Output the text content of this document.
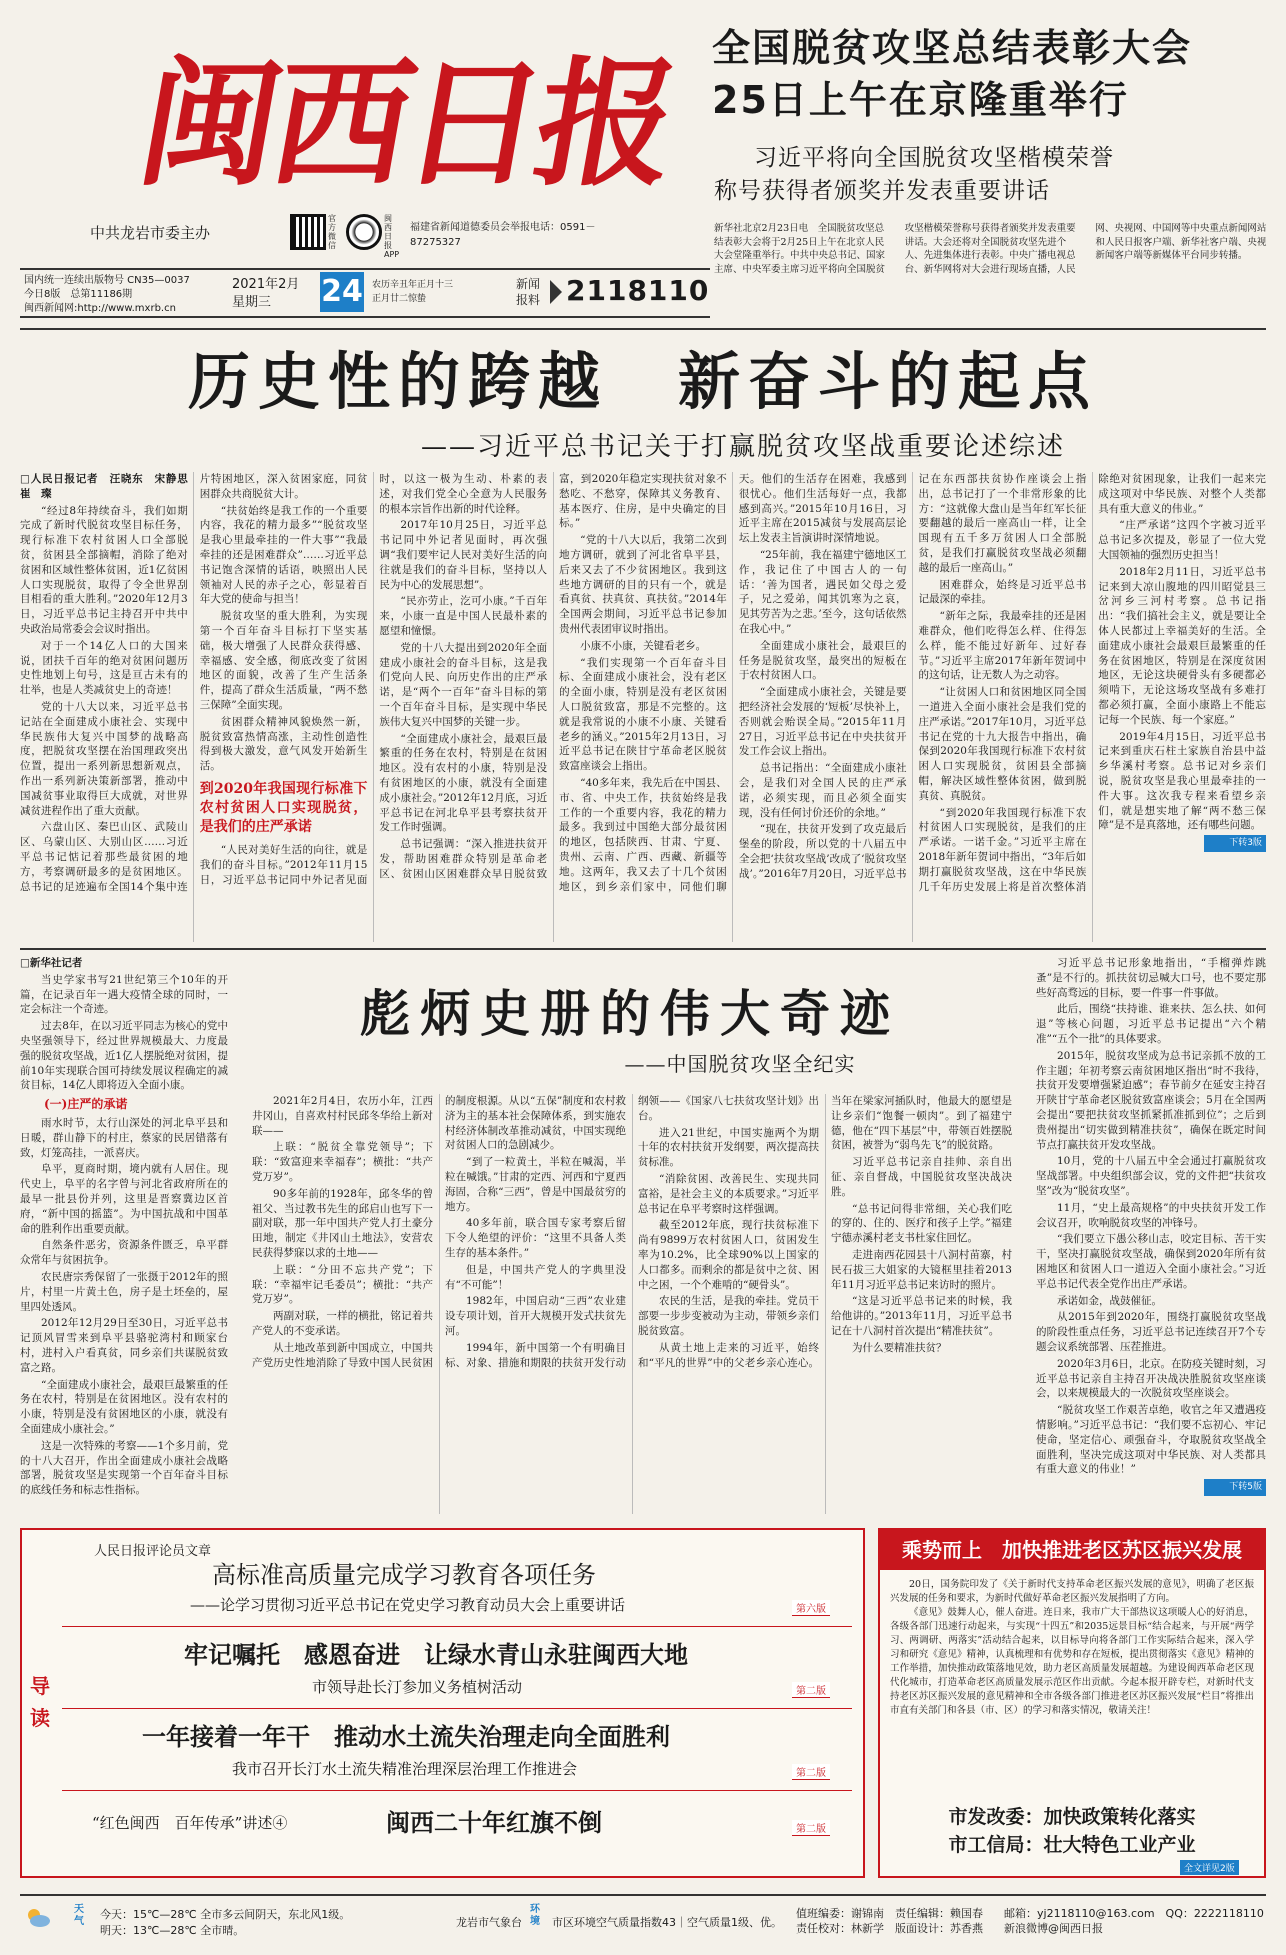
闽西日报
中共龙岩市委主办
官方微信
闽西日报APP
福建省新闻道德委员会举报电话：0591－87275327
国内统一连续出版物号 CN35—0037
今日8版　总第11186期
闽西新闻网:http://www.mxrb.cn
2021年2月
星期三	24 农历辛丑年正月十三
正月廿二惊蛰
新闻
报料 2118110
全国脱贫攻坚总结表彰大会
25日上午在京隆重举行
习近平将向全国脱贫攻坚楷模荣誉
称号获得者颁奖并发表重要讲话
新华社北京2月23日电　全国脱贫攻坚总结表彰大会将于2月25日上午在北京人民大会堂隆重举行。中共中央总书记、国家主席、中央军委主席习近平将向全国脱贫攻坚楷模荣誉称号获得者颁奖并发表重要讲话。大会还将对全国脱贫攻坚先进个人、先进集体进行表彰。中央广播电视总台、新华网将对大会进行现场直播，人民网、央视网、中国网等中央重点新闻网站和人民日报客户端、新华社客户端、央视新闻客户端等新媒体平台同步转播。
历史性的跨越　新奋斗的起点
——习近平总书记关于打赢脱贫攻坚战重要论述综述

□人民日报记者　汪晓东　宋静思　崔　璨

“经过8年持续奋斗，我们如期完成了新时代脱贫攻坚目标任务，现行标准下农村贫困人口全部脱贫，贫困县全部摘帽，消除了绝对贫困和区域性整体贫困，近1亿贫困人口实现脱贫，取得了令全世界刮目相看的重大胜利。”2020年12月3日，习近平总书记主持召开中共中央政治局常委会会议时指出。

对于一个14亿人口的大国来说，团扶千百年的绝对贫困问题历史性地划上句号，这是亘古未有的壮举，也是人类减贫史上的奇迹！

党的十八大以来，习近平总书记站在全面建成小康社会、实现中华民族伟大复兴中国梦的战略高度，把脱贫攻坚摆在治国理政突出位置，提出一系列新思想新观点，作出一系列新决策新部署，推动中国减贫事业取得巨大成就，对世界减贫进程作出了重大贡献。

六盘山区、秦巴山区、武陵山区、乌蒙山区、大别山区……习近平总书记惦记着那些最贫困的地方，考察调研最多的是贫困地区。总书记的足迹遍布全国14个集中连片特困地区，深入贫困家庭，同贫困群众共商脱贫大计。

“扶贫始终是我工作的一个重要内容，我花的精力最多”“脱贫攻坚是我心里最牵挂的一件大事”“我最牵挂的还是困难群众”……习近平总书记饱含深情的话语，映照出人民领袖对人民的赤子之心，彰显着百年大党的使命与担当！

脱贫攻坚的重大胜利，为实现第一个百年奋斗目标打下坚实基础，极大增强了人民群众获得感、幸福感、安全感，彻底改变了贫困地区的面貌，改善了生产生活条件，提高了群众生活质量，“两不愁三保障”全面实现。

贫困群众精神风貌焕然一新，脱贫致富热情高涨，主动性创造性得到极大激发，意气风发开始新生活。

到2020年我国现行标准下农村贫困人口实现脱贫，是我们的庄严承诺

“人民对美好生活的向往，就是我们的奋斗目标。”2012年11月15日，习近平总书记同中外记者见面时，以这一极为生动、朴素的表述，对我们党全心全意为人民服务的根本宗旨作出新的时代诠释。

2017年10月25日，习近平总书记同中外记者见面时，再次强调“我们要牢记人民对美好生活的向往就是我们的奋斗目标，坚持以人民为中心的发展思想”。

“民亦劳止，汔可小康。”千百年来，小康一直是中国人民最朴素的愿望和憧憬。

党的十八大提出到2020年全面建成小康社会的奋斗目标，这是我们党向人民、向历史作出的庄严承诺，是“两个一百年”奋斗目标的第一个百年奋斗目标，是实现中华民族伟大复兴中国梦的关键一步。

“全面建成小康社会，最艰巨最繁重的任务在农村，特别是在贫困地区。没有农村的小康，特别是没有贫困地区的小康，就没有全面建成小康社会。”2012年12月底，习近平总书记在河北阜平县考察扶贫开发工作时强调。

总书记强调：“深入推进扶贫开发，帮助困难群众特别是革命老区、贫困山区困难群众早日脱贫致富，到2020年稳定实现扶贫对象不愁吃、不愁穿，保障其义务教育、基本医疗、住房，是中央确定的目标。”

“党的十八大以后，我第二次到地方调研，就到了河北省阜平县，后来又去了不少贫困地区。我到这些地方调研的目的只有一个，就是看真贫、扶真贫、真扶贫。”2014年全国两会期间，习近平总书记参加贵州代表团审议时指出。

小康不小康，关键看老乡。

“我们实现第一个百年奋斗目标、全面建成小康社会，没有老区的全面小康，特别是没有老区贫困人口脱贫致富，那是不完整的。这就是我常说的小康不小康、关键看老乡的涵义。”2015年2月13日，习近平总书记在陕甘宁革命老区脱贫致富座谈会上指出。

“40多年来，我先后在中国县、市、省、中央工作，扶贫始终是我工作的一个重要内容，我花的精力最多。我到过中国绝大部分最贫困的地区，包括陕西、甘肃、宁夏、贵州、云南、广西、西藏、新疆等地。这两年，我又去了十几个贫困地区，到乡亲们家中，同他们聊天。他们的生活存在困难，我感到很忧心。他们生活每好一点，我都感到高兴。”2015年10月16日，习近平主席在2015减贫与发展高层论坛上发表主旨演讲时深情地说。

“25年前，我在福建宁德地区工作，我记住了中国古人的一句话：‘善为国者，遇民如父母之爱子，兄之爱弟，闻其饥寒为之哀，见其劳苦为之悲。’至今，这句话依然在我心中。”

全面建成小康社会，最艰巨的任务是脱贫攻坚，最突出的短板在于农村贫困人口。

“全面建成小康社会，关键是要把经济社会发展的‘短板’尽快补上，否则就会贻误全局。”2015年11月27日，习近平总书记在中央扶贫开发工作会议上指出。

总书记指出：“全面建成小康社会，是我们对全国人民的庄严承诺，必须实现，而且必须全面实现，没有任何讨价还价的余地。”

“现在，扶贫开发到了攻克最后堡垒的阶段，所以党的十八届五中全会把‘扶贫攻坚战’改成了‘脱贫攻坚战’。”2016年7月20日，习近平总书记在东西部扶贫协作座谈会上指出，总书记打了一个非常形象的比方：“这就像大盘山是当年红军长征要翻越的最后一座高山一样，让全国现有五千多万贫困人口全部脱贫，是我们打赢脱贫攻坚战必须翻越的最后一座高山。”

困难群众，始终是习近平总书记最深的牵挂。

“新年之际，我最牵挂的还是困难群众，他们吃得怎么样、住得怎么样，能不能过好新年、过好春节。”习近平主席2017年新年贺词中的这句话，让无数人为之动容。

“让贫困人口和贫困地区同全国一道进入全面小康社会是我们党的庄严承诺。”2017年10月，习近平总书记在党的十九大报告中指出，确保到2020年我国现行标准下农村贫困人口实现脱贫，贫困县全部摘帽，解决区域性整体贫困，做到脱真贫、真脱贫。

“到2020年我国现行标准下农村贫困人口实现脱贫，是我们的庄严承诺。一诺千金。”习近平主席在2018年新年贺词中指出，“3年后如期打赢脱贫攻坚战，这在中华民族几千年历史发展上将是首次整体消除绝对贫困现象，让我们一起来完成这项对中华民族、对整个人类都具有重大意义的伟业。”

“庄严承诺”这四个字被习近平总书记多次提及，彰显了一位大党大国领袖的强烈历史担当！

2018年2月11日，习近平总书记来到大凉山腹地的四川昭觉县三岔河乡三河村考察。总书记指出：“我们搞社会主义，就是要让全体人民都过上幸福美好的生活。全面建成小康社会最艰巨最繁重的任务在贫困地区，特别是在深度贫困地区，无论这块硬骨头有多硬都必须啃下，无论这场攻坚战有多难打都必须打赢，全面小康路上不能忘记每一个民族、每一个家庭。”

2019年4月15日，习近平总书记来到重庆石柱土家族自治县中益乡华溪村考察。总书记对乡亲们说，脱贫攻坚是我心里最牵挂的一件大事。这次我专程来看望乡亲们，就是想实地了解“两不愁三保障”是不是真落地，还有哪些问题。

下转3版

□新华社记者

当史学家书写21世纪第三个10年的开篇，在记录百年一遇大疫情全球的同时，一定会标注一个奇迹。

过去8年，在以习近平同志为核心的党中央坚强领导下，经过世界规模最大、力度最强的脱贫攻坚战，近1亿人摆脱绝对贫困，提前10年实现联合国可持续发展议程确定的减贫目标，14亿人即将迈入全面小康。

(一)庄严的承诺

雨水时节，太行山深处的河北阜平县和日暖，群山静下的村庄，蔡家的民居错落有致，灯笼高挂，一派喜庆。

阜平，夏商时期，境内就有人居住。现代史上，阜平的名字曾与河北省政府所在的最早一批县份并列，这里是晋察冀边区首府，“新中国的摇篮”。为中国抗战和中国革命的胜利作出重要贡献。

自然条件恶劣，资源条件匮乏，阜平群众常年与贫困抗争。

农民唐宗秀保留了一张摄于2012年的照片，村里一片黄土色，房子是土坯垒的，屋里四处透风。

2012年12月29日至30日，习近平总书记顶风冒雪来到阜平县骆驼湾村和顾家台村，进村入户看真贫，同乡亲们共谋脱贫致富之路。

“全面建成小康社会，最艰巨最繁重的任务在农村，特别是在贫困地区。没有农村的小康，特别是没有贫困地区的小康，就没有全面建成小康社会。”

这是一次特殊的考察——1个多月前，党的十八大召开，作出全面建成小康社会战略部署，脱贫攻坚是实现第一个百年奋斗目标的底线任务和标志性指标。

彪炳史册的伟大奇迹
——中国脱贫攻坚全纪实

2021年2月4日，农历小年，江西井冈山，自喜欢村村民邱冬华给上新对联——

上联：“脱贫全靠党领导”；下联：“致富迎来幸福春”；横批：“共产党万岁”。

90多年前的1928年，邱冬华的曾祖父、当过教书先生的邱启山也写下一副对联，那一年中国共产党人打土豪分田地，制定《井冈山土地法》，安营农民获得梦寐以求的土地——

上联：“分田不忘共产党”；下联：“幸福牢记毛委员”；横批：“共产党万岁”。

两副对联，一样的横批，铭记着共产党人的不变承诺。

从土地改革到新中国成立，中国共产党历史性地消除了导致中国人民贫困的制度根源。从以“五保”制度和农村救济为主的基本社会保障体系，到实施农村经济体制改革推动减贫，中国实现绝对贫困人口的急剧减少。

“到了一粒黄土，半粒在喊渴，半粒在喊饿。”甘肃的定西、河西和宁夏西海固，合称“三西”，曾是中国最贫穷的地方。

40多年前，联合国专家考察后留下令人绝望的评价：“这里不具备人类生存的基本条件。”

但是，中国共产党人的字典里没有“不可能”！

1982年，中国启动“三西”农业建设专项计划，首开大规模开发式扶贫先河。

1994年，新中国第一个有明确目标、对象、措施和期限的扶贫开发行动纲领——《国家八七扶贫攻坚计划》出台。

进入21世纪，中国实施两个为期十年的农村扶贫开发纲要，两次提高扶贫标准。

“消除贫困、改善民生、实现共同富裕，是社会主义的本质要求。”习近平总书记在阜平考察时这样强调。

截至2012年底，现行扶贫标准下尚有9899万农村贫困人口，贫困发生率为10.2%，比全球90%以上国家的人口都多。而剩余的都是贫中之贫、困中之困，一个个难啃的“硬骨头”。

农民的生活，是我的牵挂。党员干部要一步步变被动为主动，带领乡亲们脱贫致富。

从黄土地上走来的习近平，始终和“平凡的世界”中的父老乡亲心连心。当年在梁家河插队时，他最大的愿望是让乡亲们“饱餐一顿肉”。到了福建宁德，他在“四下基层”中，带领百姓摆脱贫困，被誉为“弱鸟先飞”的脱贫路。

习近平总书记亲自挂帅、亲自出征、亲自督战，中国脱贫攻坚决战决胜。

“总书记问得非常细，关心我们吃的穿的、住的、医疗和孩子上学。”福建宁德赤溪村老支书杜家住回忆。

走进南西花园县十八洞村苗寨，村民石拔三大姐家的大镜框里挂着2013年11月习近平总书记来访时的照片。

“这是习近平总书记来的时候，我给他讲的。”2013年11月，习近平总书记在十八洞村首次提出“精准扶贫”。

为什么要精准扶贫？

习近平总书记形象地指出，“手榴弹炸跳蚤”是不行的。抓扶贫切忌喊大口号，也不要定那些好高骛远的目标，要一件事一件事做。

此后，围绕“扶持谁、谁来扶、怎么扶、如何退”等核心问题，习近平总书记提出“六个精准”“五个一批”的具体要求。

2015年，脱贫攻坚成为总书记亲抓不放的工作主题；年初考察云南贫困地区指出“时不我待，扶贫开发要增强紧迫感”；春节前夕在延安主持召开陕甘宁革命老区脱贫致富座谈会；5月在全国两会提出“要把扶贫攻坚抓紧抓准抓到位”；之后到贵州提出“切实做到精准扶贫”，确保在既定时间节点打赢扶贫开发攻坚战。

10月，党的十八届五中全会通过打赢脱贫攻坚战部署。中央组织部会议，党的文件把“扶贫攻坚”改为“脱贫攻坚”。

11月，“史上最高规格”的中央扶贫开发工作会议召开，吹响脱贫攻坚的冲锋号。

“我们要立下愚公移山志，咬定目标、苦干实干，坚决打赢脱贫攻坚战，确保到2020年所有贫困地区和贫困人口一道迈入全面小康社会。”习近平总书记代表全党作出庄严承诺。

承诺如金，战鼓催征。

从2015年到2020年，围绕打赢脱贫攻坚战的阶段性重点任务，习近平总书记连续召开7个专题会议系统部署、压茬推进。

2020年3月6日，北京。在防疫关键时刻，习近平总书记亲自主持召开决战决胜脱贫攻坚座谈会，以来规模最大的一次脱贫攻坚座谈会。

“脱贫攻坚工作艰苦卓绝，收官之年又遭遇疫情影响。”习近平总书记：“我们要不忘初心、牢记使命，坚定信心、顽强奋斗，夺取脱贫攻坚战全面胜利，坚决完成这项对中华民族、对人类都具有重大意义的伟业！”

下转5版

导读
人民日报评论员文章
高标准高质量完成学习教育各项任务
——论学习贯彻习近平总书记在党史学习教育动员大会上重要讲话	第六版
牢记嘱托　感恩奋进　让绿水青山永驻闽西大地
市领导赴长汀参加义务植树活动	第二版
一年接着一年干　推动水土流失治理走向全面胜利
我市召开长汀水土流失精准治理深层治理工作推进会	第二版
“红色闽西　百年传承”讲述④	闽西二十年红旗不倒	第二版
乘势而上　加快推进老区苏区振兴发展

20日，国务院印发了《关于新时代支持革命老区振兴发展的意见》，明确了老区振兴发展的任务和要求，为新时代做好革命老区振兴发展指明了方向。

《意见》鼓舞人心，催人奋进。连日来，我市广大干部热议这项暖人心的好消息，各级各部门迅速行动起来，与实现“十四五”和2035远景目标“结合起来，与开展“两学习、两调研、两落实”活动结合起来，以目标导向将各部门工作实际结合起来，深入学习和研究《意见》精神，认真梳理和有优势和存在短板，提出贯彻落实《意见》精神的工作举措，加快推动政策落地见效，助力老区高质量发展超越。为建设闽西革命老区现代化城市，打造革命老区高质量发展示范区作出贡献。今起本报开辟专栏，对新时代支持老区苏区振兴发展的意见精神和全市各级各部门推进老区苏区振兴发展“栏目”将推出市直有关部门和各县（市、区）的学习和落实情况，敬请关注！

市发改委：加快政策转化落实
市工信局：壮大特色工业产业
全文详见2版
天气
今天：15℃—28℃ 全市多云间阴天，东北风1级。
明天：13℃—28℃ 全市晴。
龙岩市气象台
环境	市区环境空气质量指数43｜空气质量1级、优。
值班编委：谢锦南　责任编辑：赖国春
责任校对：林新学　版面设计：苏香燕
邮箱：yj2118110@163.com　QQ：2222118110
新浪微博@闽西日报
